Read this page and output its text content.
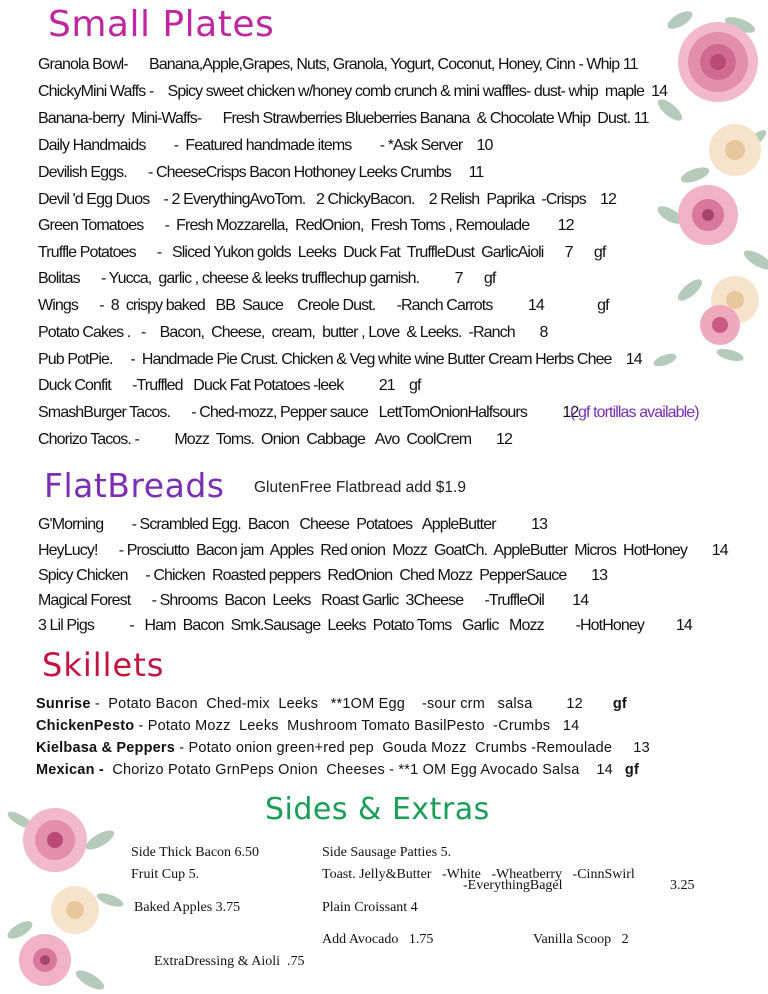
Small Plates
FlatBreads GlutenFree Flatbread add $1.9
Skillets
Sides & Extras
Granola Bowl-      Banana,Apple,Grapes, Nuts, Granola, Yogurt, Coconut, Honey, Cinn - Whip 11
ChickyMini Waffs -    Spicy sweet chicken w/honey comb crunch & mini waffles- dust- whip  maple  14
Banana-berry  Mini-Waffs-      Fresh Strawberries Blueberries Banana  & Chocolate Whip  Dust. 11
Daily Handmaids        -  Featured handmade items        - *Ask Server    10
Devilish Eggs.      - CheeseCrisps Bacon Hothoney Leeks Crumbs     11
Devil 'd Egg Duos    - 2 EverythingAvoTom.   2 ChickyBacon.    2 Relish  Paprika  -Crisps    12
Green Tomatoes      -  Fresh Mozzarella,  RedOnion,  Fresh Toms , Remoulade        12
Truffle Potatoes      -   Sliced Yukon golds  Leeks  Duck Fat  TruffleDust  GarlicAioli      7      gf
Bolitas      - Yucca,  garlic , cheese & leeks trufflechup garnish.          7      gf
Wings      -  8  crispy baked   BB  Sauce    Creole Dust.      -Ranch Carrots          14               gf
Potato Cakes .   -    Bacon,  Cheese,  cream,  butter , Love  & Leeks.  -Ranch       8
Pub PotPie.     -  Handmade Pie Crust. Chicken & Veg white wine Butter Cream Herbs Chee    14
Duck Confit      -Truffled   Duck Fat Potatoes -leek          21    gf
SmashBurger Tacos.      - Ched-mozz, Pepper sauce   LettTomOnionHalfsours          12
( gf tortillas available)
Chorizo Tacos. -          Mozz  Toms.  Onion  Cabbage   Avo  CoolCrem       12
G'Morning        - Scrambled Egg.  Bacon   Cheese  Potatoes   AppleButter          13
HeyLucy!      - Prosciutto  Bacon jam  Apples  Red onion  Mozz  GoatCh.  AppleButter  Micros  HotHoney       14
Spicy Chicken     - Chicken  Roasted peppers  RedOnion  Ched Mozz  PepperSauce       13
Magical Forest      - Shrooms  Bacon  Leeks   Roast Garlic  3Cheese      -TruffleOil        14
3 Lil Pigs          -   Ham  Bacon  Smk.Sausage  Leeks  Potato Toms   Garlic   Mozz         -HotHoney         14
Sunrise -  Potato Bacon  Ched-mix  Leeks   **1OM Egg    -sour crm   salsa        12 gf
ChickenPesto - Potato Mozz  Leeks  Mushroom Tomato BasilPesto  -Crumbs   14
Kielbasa & Peppers - Potato onion green+red pep  Gouda Mozz  Crumbs -Remoulade     13
Mexican -  Chorizo Potato GrnPeps Onion  Cheeses - **1 OM Egg Avocado Salsa    14 gf
Side Thick Bacon 6.50	Side Sausage Patties 5.
Fruit Cup 5.	Toast. Jelly&Butter   -White   -Wheatberry   -CinnSwirl
-EverythingBagel	3.25
Baked Apples 3.75	Plain Croissant 4
Add Avocado   1.75	Vanilla Scoop   2
ExtraDressing & Aioli  .75
